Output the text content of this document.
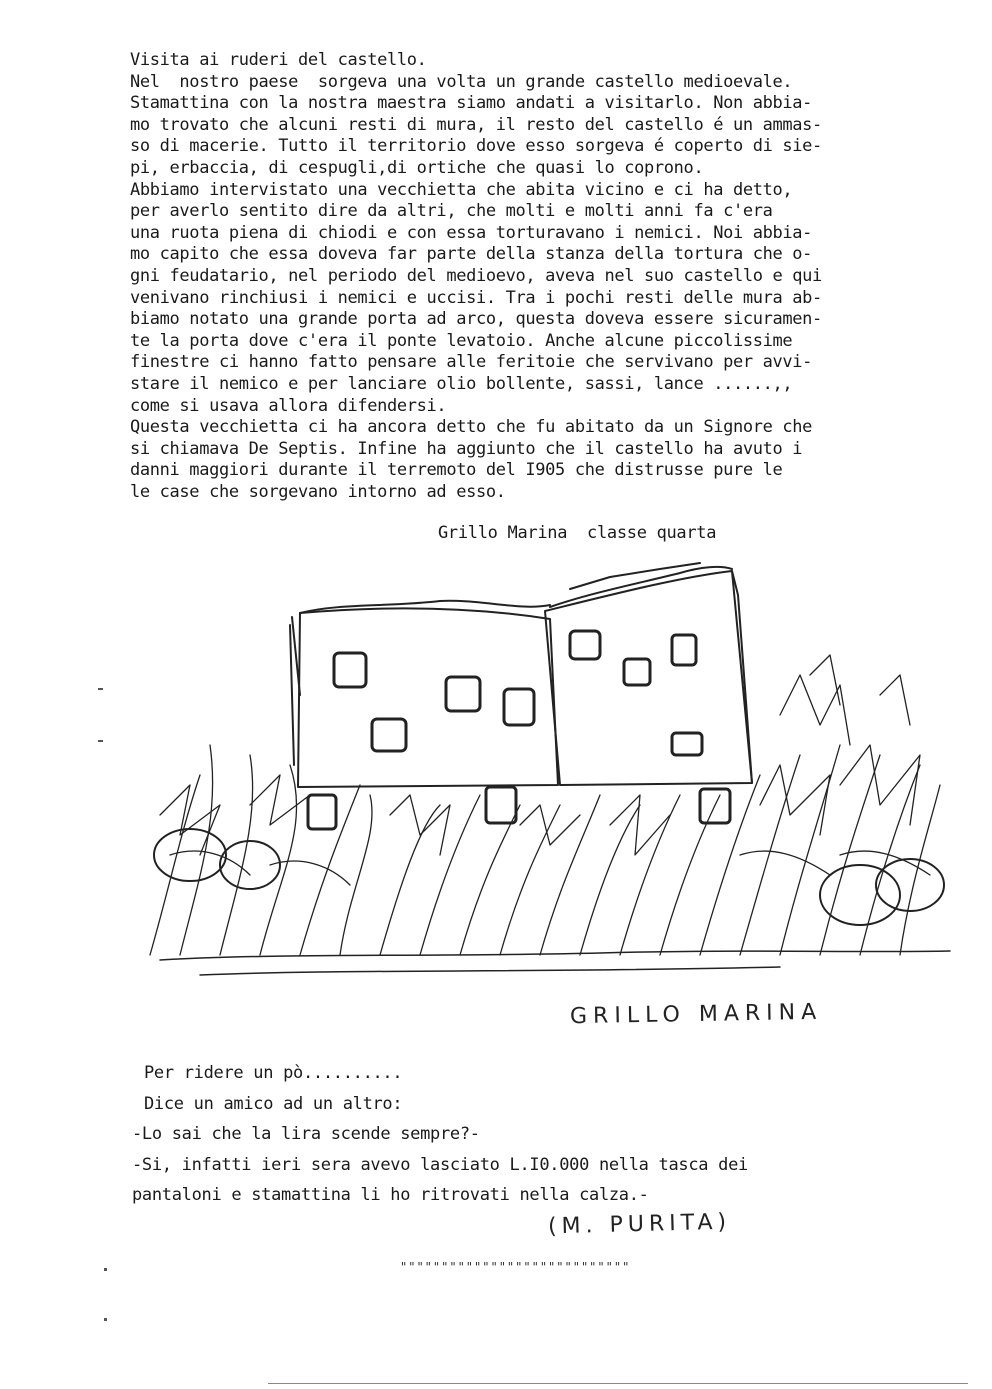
Visita ai ruderi del castello.
Nel  nostro paese  sorgeva una volta un grande castello medioevale.
Stamattina con la nostra maestra siamo andati a visitarlo. Non abbia-
mo trovato che alcuni resti di mura, il resto del castello é un ammas-
so di macerie. Tutto il territorio dove esso sorgeva é coperto di sie-
pi, erbaccia, di cespugli,di ortiche che quasi lo coprono.
Abbiamo intervistato una vecchietta che abita vicino e ci ha detto,
per averlo sentito dire da altri, che molti e molti anni fa c'era
una ruota piena di chiodi e con essa torturavano i nemici. Noi abbia-
mo capito che essa doveva far parte della stanza della tortura che o-
gni feudatario, nel periodo del medioevo, aveva nel suo castello e qui
venivano rinchiusi i nemici e uccisi. Tra i pochi resti delle mura ab-
biamo notato una grande porta ad arco, questa doveva essere sicuramen-
te la porta dove c'era il ponte levatoio. Anche alcune piccolissime
finestre ci hanno fatto pensare alle feritoie che servivano per avvi-
stare il nemico e per lanciare olio bollente, sassi, lance ......,,
come si usava allora difendersi.
Questa vecchietta ci ha ancora detto che fu abitato da un Signore che
si chiamava De Septis. Infine ha aggiunto che il castello ha avuto i
danni maggiori durante il terremoto del I905 che distrusse pure le
le case che sorgevano intorno ad esso.
Grillo Marina  classe quarta
GRILLO MARINA
Per ridere un pò..........
Dice un amico ad un altro:
-Lo sai che la lira scende sempre?-
-Si, infatti ieri sera avevo lasciato L.I0.000 nella tasca dei
pantaloni e stamattina li ho ritrovati nella calza.-
(M. PURITA)
""""""""""""""""""""""""""""
